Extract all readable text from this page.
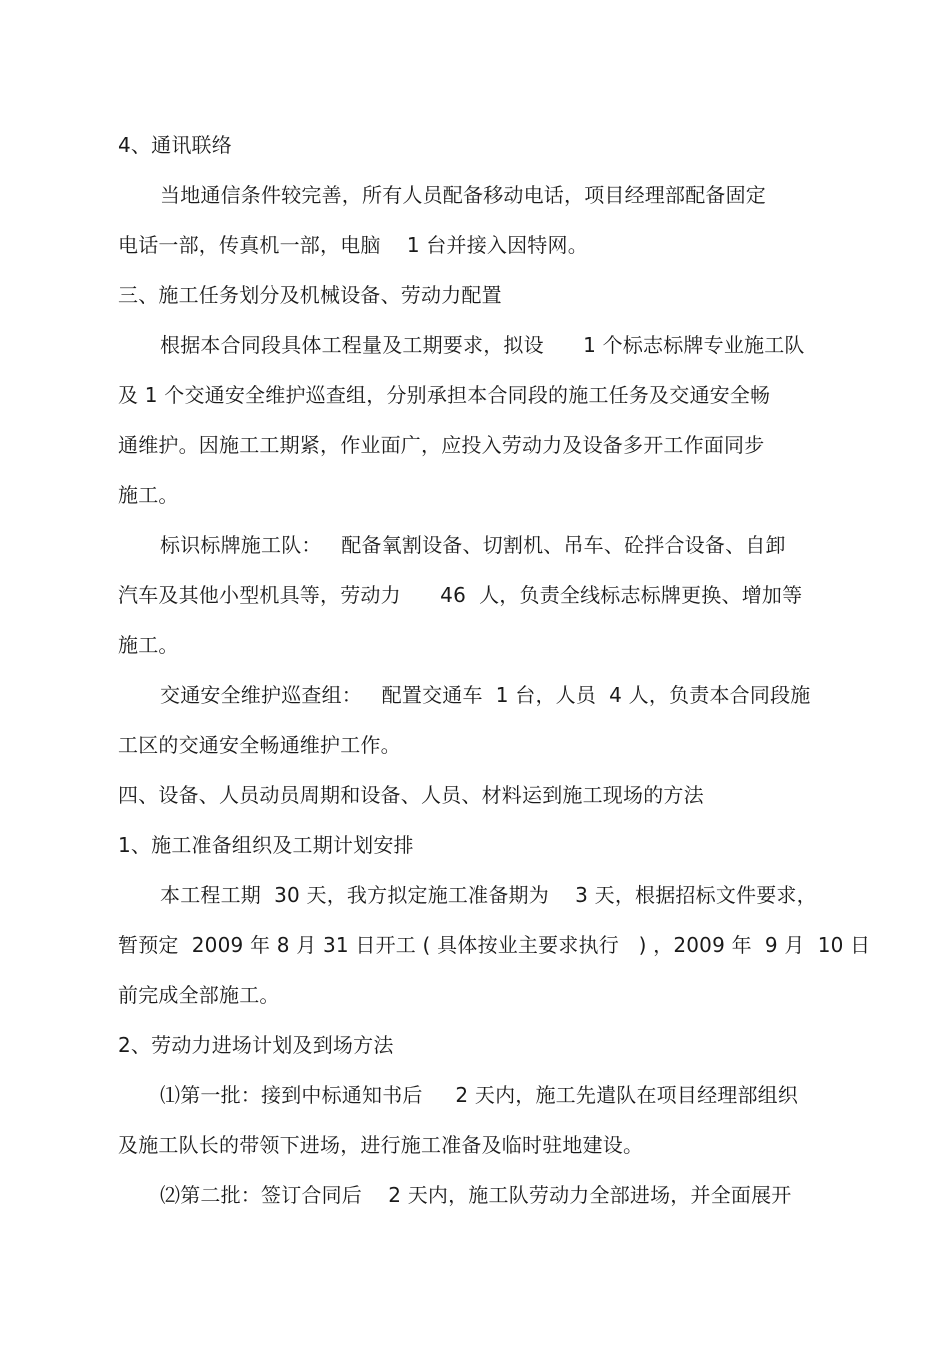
4、通讯联络
当地通信条件较完善，所有人员配备移动电话，项目经理部配备固定
电话一部，传真机一部，电脑    1 台并接入因特网。
三、施工任务划分及机械设备、劳动力配置
根据本合同段具体工程量及工期要求，拟设      1 个标志标牌专业施工队
及 1 个交通安全维护巡查组，分别承担本合同段的施工任务及交通安全畅
通维护。因施工工期紧，作业面广，应投入劳动力及设备多开工作面同步
施工。
标识标牌施工队：   配备氧割设备、切割机、吊车、砼拌合设备、自卸
汽车及其他小型机具等，劳动力      46  人，负责全线标志标牌更换、增加等
施工。
交通安全维护巡查组：   配置交通车  1 台，人员  4 人，负责本合同段施
工区的交通安全畅通维护工作。
四、设备、人员动员周期和设备、人员、材料运到施工现场的方法
1、施工准备组织及工期计划安排
本工程工期  30 天，我方拟定施工准备期为    3 天，根据招标文件要求，
暂预定  2009 年 8 月 31 日开工 ( 具体按业主要求执行   ) ，2009 年  9 月  10 日
前完成全部施工。
2、劳动力进场计划及到场方法
⑴第一批：接到中标通知书后     2 天内，施工先遣队在项目经理部组织
及施工队长的带领下进场，进行施工准备及临时驻地建设。
⑵第二批：签订合同后    2 天内，施工队劳动力全部进场，并全面展开
